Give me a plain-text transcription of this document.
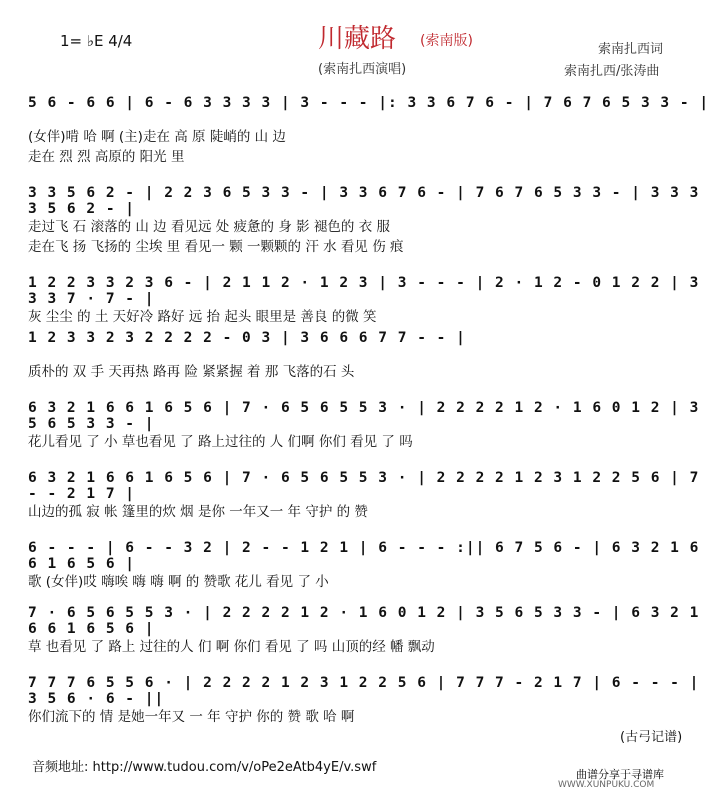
1= ♭E 4/4	川藏路 (索南版)
(索南扎西演唱)
索南扎西词
索南扎西/张涛曲
5 6 - 6 6 | 6 - 6 3 3 3 3 | 3 - - - |: 3 3 6 7 6 - | 7 6 7 6 5 3 3 - |
(女伴)啃 哈 啊 (主)走在 高 原 陡峭的 山 边
走在 烈 烈 高原的 阳光 里
3 3 5 6 2 - | 2 2 3 6 5 3 3 - | 3 3 6 7 6 - | 7 6 7 6 5 3 3 - | 3 3 3 3 5 6 2 - |
走过飞 石 滚落的 山 边 看见远 处 疲惫的 身 影 褪色的 衣 服
走在飞 扬 飞扬的 尘埃 里 看见一 颗 一颗颗的 汗 水 看见 伤 痕
1 2 2 3 3 2 3 6 - | 2 1 1 2 · 1 2 3 | 3 - - - | 2 · 1 2 - 0 1 2 2 | 3 3 3 7 · 7 - |
灰 尘尘 的 土 天好冷 路好 远 抬 起头 眼里是 善良 的微 笑
1 2 3 3 2 3 2 2 2 2 - 0 3 | 3 6 6 6 7 7 - - |
质朴的 双 手 天再热 路再 险 紧紧握 着 那 飞落的石 头
6 3 2 1 6 6 1 6 5 6 | 7 · 6 5 6 5 5 3 · | 2 2 2 2 1 2 · 1 6 0 1 2 | 3 5 6 5 3 3 - |
花儿看见 了 小 草也看见 了 路上过往的 人 们啊 你们 看见 了 吗
6 3 2 1 6 6 1 6 5 6 | 7 · 6 5 6 5 5 3 · | 2 2 2 2 1 2 3 1 2 2 5 6 | 7 - - 2 1 7 |
山边的孤 寂 帐 篷里的炊 烟 是你 一年又一 年 守护 的 赞
6 - - - | 6 - - 3 2 | 2 - - 1 2 1 | 6 - - - :|| 6 7 5 6 - | 6 3 2 1 6 6 1 6 5 6 |
歌 (女伴)哎 嗨唉 嗨 嗨 啊 的 赞歌 花儿 看见 了 小
7 · 6 5 6 5 5 3 · | 2 2 2 2 1 2 · 1 6 0 1 2 | 3 5 6 5 3 3 - | 6 3 2 1 6 6 1 6 5 6 |
草 也看见 了 路上 过往的人 们 啊 你们 看见 了 吗 山顶的经 幡 飘动
7 7 7 6 5 5 6 · | 2 2 2 2 1 2 3 1 2 2 5 6 | 7 7 7 - 2 1 7 | 6 - - - | 3 5 6 · 6 - ||
你们流下的 情 是她一年又 一 年 守护 你的 赞 歌 哈 啊
(古弓记谱)
音频地址: http://www.tudou.com/v/oPe2eAtb4yE/v.swf	曲谱分享于寻谱库
WWW.XUNPUKU.COM
